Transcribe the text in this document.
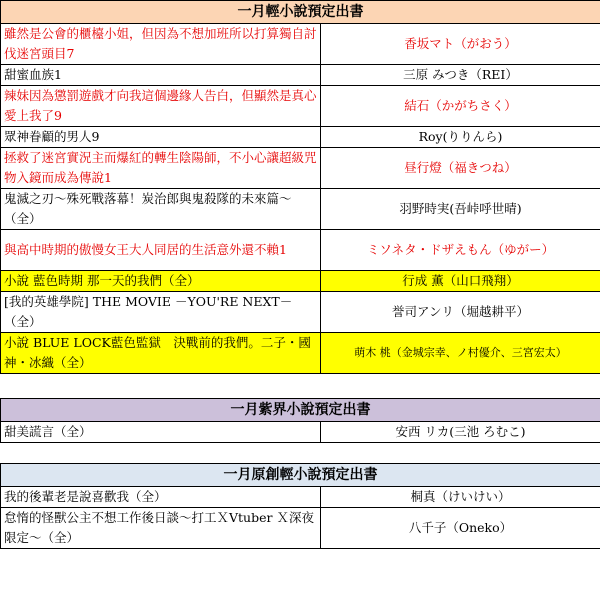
一月輕小說預定出書	
雖然是公會的櫃檯小姐，但因為不想加班所以打算獨自討伐迷宮頭目7	香坂マト（がおう）
甜蜜血族1	三原 みつき（REI）
辣妹因為懲罰遊戲才向我這個邊緣人告白，但顯然是真心愛上我了9	結石（かがちさく）
眾神眷顧的男人9	Roy(りりんら)
拯救了迷宮實況主而爆紅的轉生陰陽師，不小心讓超級咒物入鏡而成為傳說1	昼行燈（福きつね）
鬼滅之刃～殊死戰落幕！炭治郎與鬼殺隊的未來篇～（全）	羽野時実(吾峠呼世晴)
與高中時期的傲慢女王大人同居的生活意外還不賴1	ミソネタ・ドザえもん（ゆがー）
小說 藍色時期 那一天的我們（全）	行成 薫（山口飛翔）
[我的英雄學院] THE MOVIE －YOU'RE NEXT－（全）	誉司アンリ（堀越耕平）
小說 BLUE LOCK藍色監獄　決戰前的我們。二子・國神・冰織（全）	萌木 桃（金城宗幸、ノ村優介、三宮宏太）
一月紫界小說預定出書
甜美謊言（全）	安西 リカ(三池 ろむこ)
一月原創輕小說預定出書	
我的後輩老是說喜歡我（全）	桐真（けいけい）
怠惰的怪獸公主不想工作後日談～打工ＸVtuber Ｘ深夜限定～（全）	八千子（Oneko）
